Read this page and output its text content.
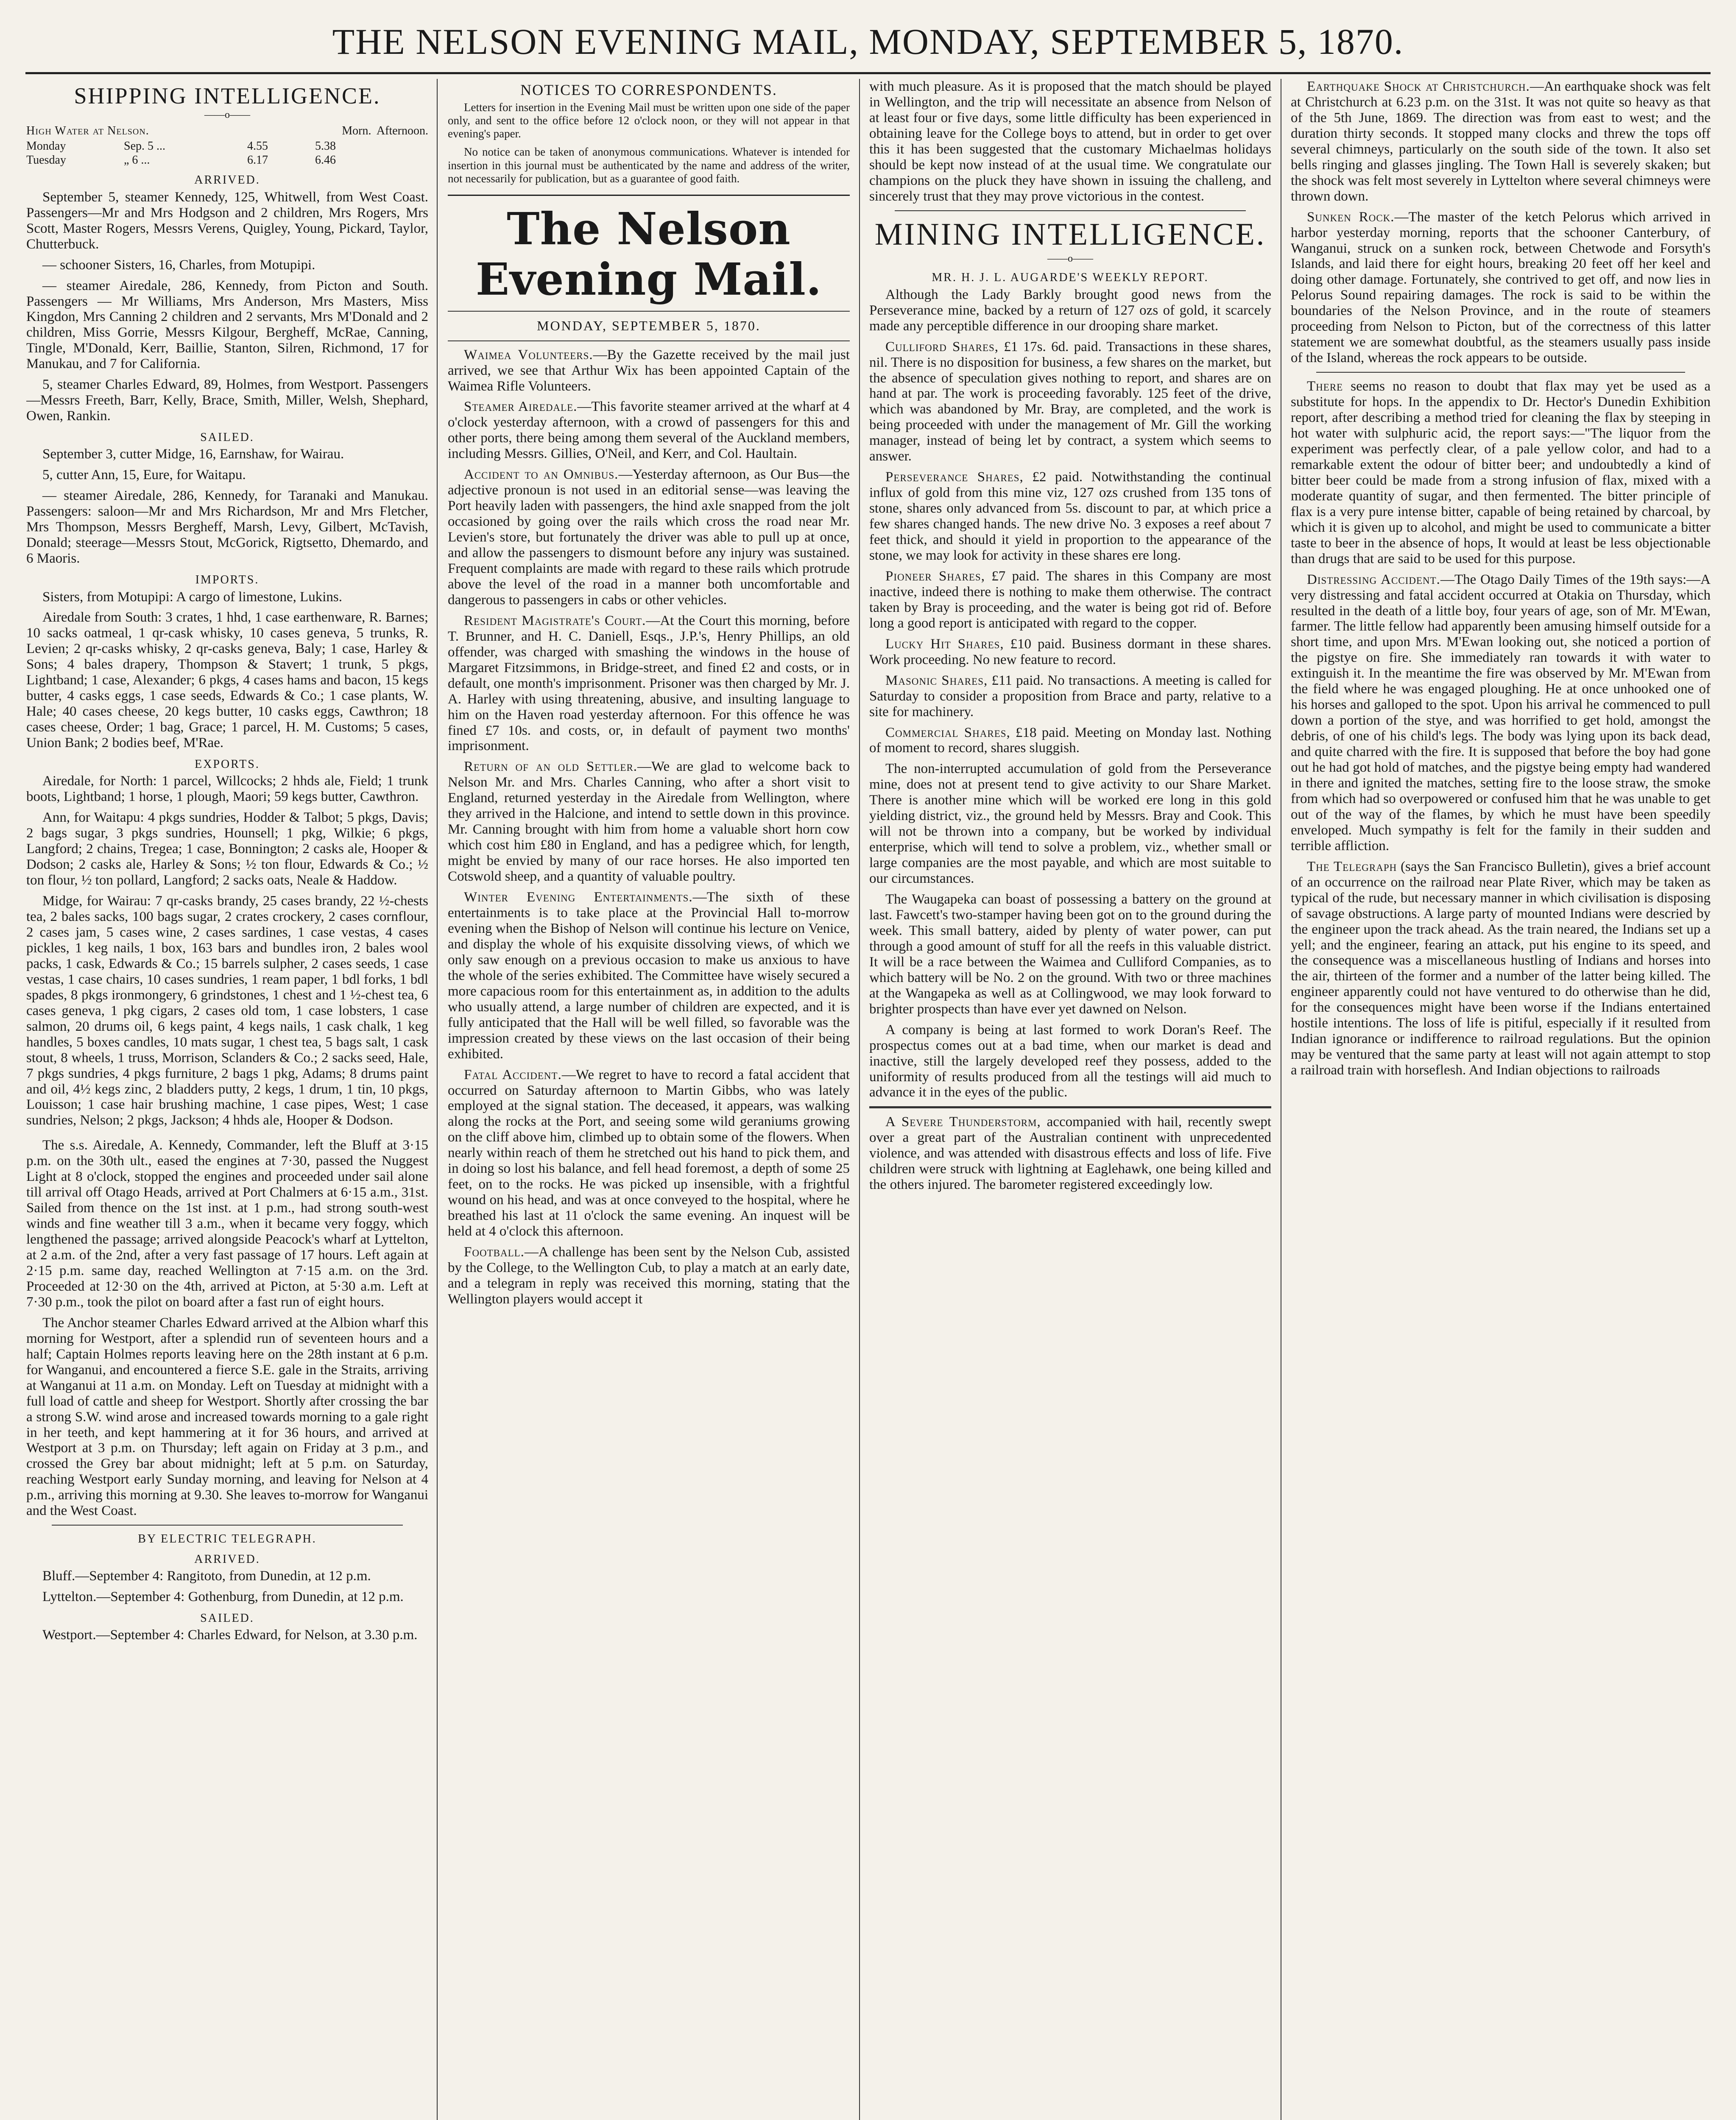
THE NELSON EVENING MAIL, MONDAY, SEPTEMBER 5, 1870.
SHIPPING INTELLIGENCE.
——o——
High Water at Nelson.	Morn. Afternoon.
Monday	Sep. 5 ...	4.55	5.38
Tuesday	„ 6 ...	6.17	6.46
ARRIVED.

September 5, steamer Kennedy, 125, Whitwell, from West Coast. Passengers—Mr and Mrs Hodgson and 2 children, Mrs Rogers, Mrs Scott, Master Rogers, Messrs Verens, Quigley, Young, Pickard, Taylor, Chutterbuck.

— schooner Sisters, 16, Charles, from Motupipi.

— steamer Airedale, 286, Kennedy, from Picton and South. Passengers — Mr Williams, Mrs Anderson, Mrs Masters, Miss Kingdon, Mrs Canning 2 children and 2 servants, Mrs M'Donald and 2 children, Miss Gorrie, Messrs Kilgour, Bergheff, McRae, Canning, Tingle, M'Donald, Kerr, Baillie, Stanton, Silren, Richmond, 17 for Manukau, and 7 for California.

5, steamer Charles Edward, 89, Holmes, from Westport. Passengers—Messrs Freeth, Barr, Kelly, Brace, Smith, Miller, Welsh, Shephard, Owen, Rankin.

SAILED.

September 3, cutter Midge, 16, Earnshaw, for Wairau.

5, cutter Ann, 15, Eure, for Waitapu.

— steamer Airedale, 286, Kennedy, for Taranaki and Manukau. Passengers: saloon—Mr and Mrs Richardson, Mr and Mrs Fletcher, Mrs Thompson, Messrs Bergheff, Marsh, Levy, Gilbert, McTavish, Donald; steerage—Messrs Stout, McGorick, Rigtsetto, Dhemardo, and 6 Maoris.

IMPORTS.

Sisters, from Motupipi: A cargo of limestone, Lukins.

Airedale from South: 3 crates, 1 hhd, 1 case earthenware, R. Barnes; 10 sacks oatmeal, 1 qr-cask whisky, 10 cases geneva, 5 trunks, R. Levien; 2 qr-casks whisky, 2 qr-casks geneva, Baly; 1 case, Harley & Sons; 4 bales drapery, Thompson & Stavert; 1 trunk, 5 pkgs, Lightband; 1 case, Alexander; 6 pkgs, 4 cases hams and bacon, 15 kegs butter, 4 casks eggs, 1 case seeds, Edwards & Co.; 1 case plants, W. Hale; 40 cases cheese, 20 kegs butter, 10 casks eggs, Cawthron; 18 cases cheese, Order; 1 bag, Grace; 1 parcel, H. M. Customs; 5 cases, Union Bank; 2 bodies beef, M'Rae.

EXPORTS.

Airedale, for North: 1 parcel, Willcocks; 2 hhds ale, Field; 1 trunk boots, Lightband; 1 horse, 1 plough, Maori; 59 kegs butter, Cawthron.

Ann, for Waitapu: 4 pkgs sundries, Hodder & Talbot; 5 pkgs, Davis; 2 bags sugar, 3 pkgs sundries, Hounsell; 1 pkg, Wilkie; 6 pkgs, Langford; 2 chains, Tregea; 1 case, Bonnington; 2 casks ale, Hooper & Dodson; 2 casks ale, Harley & Sons; ½ ton flour, Edwards & Co.; ½ ton flour, ½ ton pollard, Langford; 2 sacks oats, Neale & Haddow.

Midge, for Wairau: 7 qr-casks brandy, 25 cases brandy, 22 ½-chests tea, 2 bales sacks, 100 bags sugar, 2 crates crockery, 2 cases cornflour, 2 cases jam, 5 cases wine, 2 cases sardines, 1 case vestas, 4 cases pickles, 1 keg nails, 1 box, 163 bars and bundles iron, 2 bales wool packs, 1 cask, Edwards & Co.; 15 barrels sulpher, 2 cases seeds, 1 case vestas, 1 case chairs, 10 cases sundries, 1 ream paper, 1 bdl forks, 1 bdl spades, 8 pkgs ironmongery, 6 grindstones, 1 chest and 1 ½-chest tea, 6 cases geneva, 1 pkg cigars, 2 cases old tom, 1 case lobsters, 1 case salmon, 20 drums oil, 6 kegs paint, 4 kegs nails, 1 cask chalk, 1 keg handles, 5 boxes candles, 10 mats sugar, 1 chest tea, 5 bags salt, 1 cask stout, 8 wheels, 1 truss, Morrison, Sclanders & Co.; 2 sacks seed, Hale, 7 pkgs sundries, 4 pkgs furniture, 2 bags 1 pkg, Adams; 8 drums paint and oil, 4½ kegs zinc, 2 bladders putty, 2 kegs, 1 drum, 1 tin, 10 pkgs, Louisson; 1 case hair brushing machine, 1 case pipes, West; 1 case sundries, Nelson; 2 pkgs, Jackson; 4 hhds ale, Hooper & Dodson.

The s.s. Airedale, A. Kennedy, Commander, left the Bluff at 3·15 p.m. on the 30th ult., eased the engines at 7·30, passed the Nuggest Light at 8 o'clock, stopped the engines and proceeded under sail alone till arrival off Otago Heads, arrived at Port Chalmers at 6·15 a.m., 31st. Sailed from thence on the 1st inst. at 1 p.m., had strong south-west winds and fine weather till 3 a.m., when it became very foggy, which lengthened the passage; arrived alongside Peacock's wharf at Lyttelton, at 2 a.m. of the 2nd, after a very fast passage of 17 hours. Left again at 2·15 p.m. same day, reached Wellington at 7·15 a.m. on the 3rd. Proceeded at 12·30 on the 4th, arrived at Picton, at 5·30 a.m. Left at 7·30 p.m., took the pilot on board after a fast run of eight hours.

The Anchor steamer Charles Edward arrived at the Albion wharf this morning for Westport, after a splendid run of seventeen hours and a half; Captain Holmes reports leaving here on the 28th instant at 6 p.m. for Wanganui, and encountered a fierce S.E. gale in the Straits, arriving at Wanganui at 11 a.m. on Monday. Left on Tuesday at midnight with a full load of cattle and sheep for Westport. Shortly after crossing the bar a strong S.W. wind arose and increased towards morning to a gale right in her teeth, and kept hammering at it for 36 hours, and arrived at Westport at 3 p.m. on Thursday; left again on Friday at 3 p.m., and crossed the Grey bar about midnight; left at 5 p.m. on Saturday, reaching Westport early Sunday morning, and leaving for Nelson at 4 p.m., arriving this morning at 9.30. She leaves to-morrow for Wanganui and the West Coast.

BY ELECTRIC TELEGRAPH.
ARRIVED.

Bluff.—September 4: Rangitoto, from Dunedin, at 12 p.m.

Lyttelton.—September 4: Gothenburg, from Dunedin, at 12 p.m.

SAILED.

Westport.—September 4: Charles Edward, for Nelson, at 3.30 p.m.

NOTICES TO CORRESPONDENTS.

Letters for insertion in the Evening Mail must be written upon one side of the paper only, and sent to the office before 12 o'clock noon, or they will not appear in that evening's paper.

No notice can be taken of anonymous communications. Whatever is intended for insertion in this journal must be authenticated by the name and address of the writer, not necessarily for publication, but as a guarantee of good faith.

The Nelson Evening Mail.
MONDAY, SEPTEMBER 5, 1870.

Waimea Volunteers.—By the Gazette received by the mail just arrived, we see that Arthur Wix has been appointed Captain of the Waimea Rifle Volunteers.

Steamer Airedale.—This favorite steamer arrived at the wharf at 4 o'clock yesterday afternoon, with a crowd of passengers for this and other ports, there being among them several of the Auckland members, including Messrs. Gillies, O'Neil, and Kerr, and Col. Haultain.

Accident to an Omnibus.—Yesterday afternoon, as Our Bus—the adjective pronoun is not used in an editorial sense—was leaving the Port heavily laden with passengers, the hind axle snapped from the jolt occasioned by going over the rails which cross the road near Mr. Levien's store, but fortunately the driver was able to pull up at once, and allow the passengers to dismount before any injury was sustained. Frequent complaints are made with regard to these rails which protrude above the level of the road in a manner both uncomfortable and dangerous to passengers in cabs or other vehicles.

Resident Magistrate's Court.—At the Court this morning, before T. Brunner, and H. C. Daniell, Esqs., J.P.'s, Henry Phillips, an old offender, was charged with smashing the windows in the house of Margaret Fitzsimmons, in Bridge-street, and fined £2 and costs, or in default, one month's imprisonment. Prisoner was then charged by Mr. J. A. Harley with using threatening, abusive, and insulting language to him on the Haven road yesterday afternoon. For this offence he was fined £7 10s. and costs, or, in default of payment two months' imprisonment.

Return of an old Settler.—We are glad to welcome back to Nelson Mr. and Mrs. Charles Canning, who after a short visit to England, returned yesterday in the Airedale from Wellington, where they arrived in the Halcione, and intend to settle down in this province. Mr. Canning brought with him from home a valuable short horn cow which cost him £80 in England, and has a pedigree which, for length, might be envied by many of our race horses. He also imported ten Cotswold sheep, and a quantity of valuable poultry.

Winter Evening Entertainments.—The sixth of these entertainments is to take place at the Provincial Hall to-morrow evening when the Bishop of Nelson will continue his lecture on Venice, and display the whole of his exquisite dissolving views, of which we only saw enough on a previous occasion to make us anxious to have the whole of the series exhibited. The Committee have wisely secured a more capacious room for this entertainment as, in addition to the adults who usually attend, a large number of children are expected, and it is fully anticipated that the Hall will be well filled, so favorable was the impression created by these views on the last occasion of their being exhibited.

Fatal Accident.—We regret to have to record a fatal accident that occurred on Saturday afternoon to Martin Gibbs, who was lately employed at the signal station. The deceased, it appears, was walking along the rocks at the Port, and seeing some wild geraniums growing on the cliff above him, climbed up to obtain some of the flowers. When nearly within reach of them he stretched out his hand to pick them, and in doing so lost his balance, and fell head foremost, a depth of some 25 feet, on to the rocks. He was picked up insensible, with a frightful wound on his head, and was at once conveyed to the hospital, where he breathed his last at 11 o'clock the same evening. An inquest will be held at 4 o'clock this afternoon.

Football.—A challenge has been sent by the Nelson Cub, assisted by the College, to the Wellington Cub, to play a match at an early date, and a telegram in reply was received this morning, stating that the Wellington players would accept it

with much pleasure. As it is proposed that the match should be played in Wellington, and the trip will necessitate an absence from Nelson of at least four or five days, some little difficulty has been experienced in obtaining leave for the College boys to attend, but in order to get over this it has been suggested that the customary Michaelmas holidays should be kept now instead of at the usual time. We congratulate our champions on the pluck they have shown in issuing the challeng, and sincerely trust that they may prove victorious in the contest.

MINING INTELLIGENCE.
——o——
MR. H. J. L. AUGARDE'S WEEKLY REPORT.

Although the Lady Barkly brought good news from the Perseverance mine, backed by a return of 127 ozs of gold, it scarcely made any perceptible difference in our drooping share market.

Culliford Shares, £1 17s. 6d. paid. Transactions in these shares, nil. There is no disposition for business, a few shares on the market, but the absence of speculation gives nothing to report, and shares are on hand at par. The work is proceeding favorably. 125 feet of the drive, which was abandoned by Mr. Bray, are completed, and the work is being proceeded with under the management of Mr. Gill the working manager, instead of being let by contract, a system which seems to answer.

Perseverance Shares, £2 paid. Notwithstanding the continual influx of gold from this mine viz, 127 ozs crushed from 135 tons of stone, shares only advanced from 5s. discount to par, at which price a few shares changed hands. The new drive No. 3 exposes a reef about 7 feet thick, and should it yield in proportion to the appearance of the stone, we may look for activity in these shares ere long.

Pioneer Shares, £7 paid. The shares in this Company are most inactive, indeed there is nothing to make them otherwise. The contract taken by Bray is proceeding, and the water is being got rid of. Before long a good report is anticipated with regard to the copper.

Lucky Hit Shares, £10 paid. Business dormant in these shares. Work proceeding. No new feature to record.

Masonic Shares, £11 paid. No transactions. A meeting is called for Saturday to consider a proposition from Brace and party, relative to a site for machinery.

Commercial Shares, £18 paid. Meeting on Monday last. Nothing of moment to record, shares sluggish.

The non-interrupted accumulation of gold from the Perseverance mine, does not at present tend to give activity to our Share Market. There is another mine which will be worked ere long in this gold yielding district, viz., the ground held by Messrs. Bray and Cook. This will not be thrown into a company, but be worked by individual enterprise, which will tend to solve a problem, viz., whether small or large companies are the most payable, and which are most suitable to our circumstances.

The Waugapeka can boast of possessing a battery on the ground at last. Fawcett's two-stamper having been got on to the ground during the week. This small battery, aided by plenty of water power, can put through a good amount of stuff for all the reefs in this valuable district. It will be a race between the Waimea and Culliford Companies, as to which battery will be No. 2 on the ground. With two or three machines at the Wangapeka as well as at Collingwood, we may look forward to brighter prospects than have ever yet dawned on Nelson.

A company is being at last formed to work Doran's Reef. The prospectus comes out at a bad time, when our market is dead and inactive, still the largely developed reef they possess, added to the uniformity of results produced from all the testings will aid much to advance it in the eyes of the public.

A Severe Thunderstorm, accompanied with hail, recently swept over a great part of the Australian continent with unprecedented violence, and was attended with disastrous effects and loss of life. Five children were struck with lightning at Eaglehawk, one being killed and the others injured. The barometer registered exceedingly low.

Earthquake Shock at Christchurch.—An earthquake shock was felt at Christchurch at 6.23 p.m. on the 31st. It was not quite so heavy as that of the 5th June, 1869. The direction was from east to west; and the duration thirty seconds. It stopped many clocks and threw the tops off several chimneys, particularly on the south side of the town. It also set bells ringing and glasses jingling. The Town Hall is severely skaken; but the shock was felt most severely in Lyttelton where several chimneys were thrown down.

Sunken Rock.—The master of the ketch Pelorus which arrived in harbor yesterday morning, reports that the schooner Canterbury, of Wanganui, struck on a sunken rock, between Chetwode and Forsyth's Islands, and laid there for eight hours, breaking 20 feet off her keel and doing other damage. Fortunately, she contrived to get off, and now lies in Pelorus Sound repairing damages. The rock is said to be within the boundaries of the Nelson Province, and in the route of steamers proceeding from Nelson to Picton, but of the correctness of this latter statement we are somewhat doubtful, as the steamers usually pass inside of the Island, whereas the rock appears to be outside.

There seems no reason to doubt that flax may yet be used as a substitute for hops. In the appendix to Dr. Hector's Dunedin Exhibition report, after describing a method tried for cleaning the flax by steeping in hot water with sulphuric acid, the report says:—"The liquor from the experiment was perfectly clear, of a pale yellow color, and had to a remarkable extent the odour of bitter beer; and undoubtedly a kind of bitter beer could be made from a strong infusion of flax, mixed with a moderate quantity of sugar, and then fermented. The bitter principle of flax is a very pure intense bitter, capable of being retained by charcoal, by which it is given up to alcohol, and might be used to communicate a bitter taste to beer in the absence of hops, It would at least be less objectionable than drugs that are said to be used for this purpose.

Distressing Accident.—The Otago Daily Times of the 19th says:—A very distressing and fatal accident occurred at Otakia on Thursday, which resulted in the death of a little boy, four years of age, son of Mr. M'Ewan, farmer. The little fellow had apparently been amusing himself outside for a short time, and upon Mrs. M'Ewan looking out, she noticed a portion of the pigstye on fire. She immediately ran towards it with water to extinguish it. In the meantime the fire was observed by Mr. M'Ewan from the field where he was engaged ploughing. He at once unhooked one of his horses and galloped to the spot. Upon his arrival he commenced to pull down a portion of the stye, and was horrified to get hold, amongst the debris, of one of his child's legs. The body was lying upon its back dead, and quite charred with the fire. It is supposed that before the boy had gone out he had got hold of matches, and the pigstye being empty had wandered in there and ignited the matches, setting fire to the loose straw, the smoke from which had so overpowered or confused him that he was unable to get out of the way of the flames, by which he must have been speedily enveloped. Much sympathy is felt for the family in their sudden and terrible affliction.

The Telegraph (says the San Francisco Bulletin), gives a brief account of an occurrence on the railroad near Plate River, which may be taken as typical of the rude, but necessary manner in which civilisation is disposing of savage obstructions. A large party of mounted Indians were descried by the engineer upon the track ahead. As the train neared, the Indians set up a yell; and the engineer, fearing an attack, put his engine to its speed, and the consequence was a miscellaneous hustling of Indians and horses into the air, thirteen of the former and a number of the latter being killed. The engineer apparently could not have ventured to do otherwise than he did, for the consequences might have been worse if the Indians entertained hostile intentions. The loss of life is pitiful, especially if it resulted from Indian ignorance or indifference to railroad regulations. But the opinion may be ventured that the same party at least will not again attempt to stop a railroad train with horseflesh. And Indian objections to railroads
